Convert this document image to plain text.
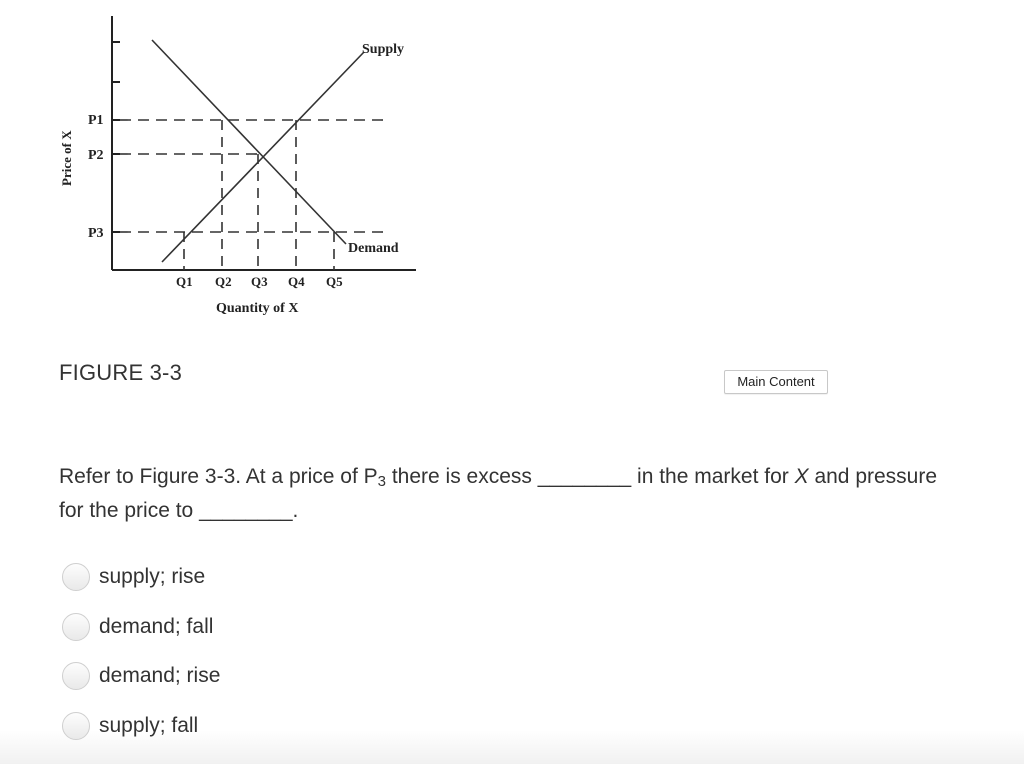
Supply
Demand
P1
P2
P3
Q1 Q2 Q3 Q4 Q5
Quantity of X
Price of X
FIGURE 3-3	Main Content
Refer to Figure 3-3. At a price of $P_3$ there is excess ________ in the market for X and pressure for the price to ________.
supply; rise
demand; fall
demand; rise
supply; fall
